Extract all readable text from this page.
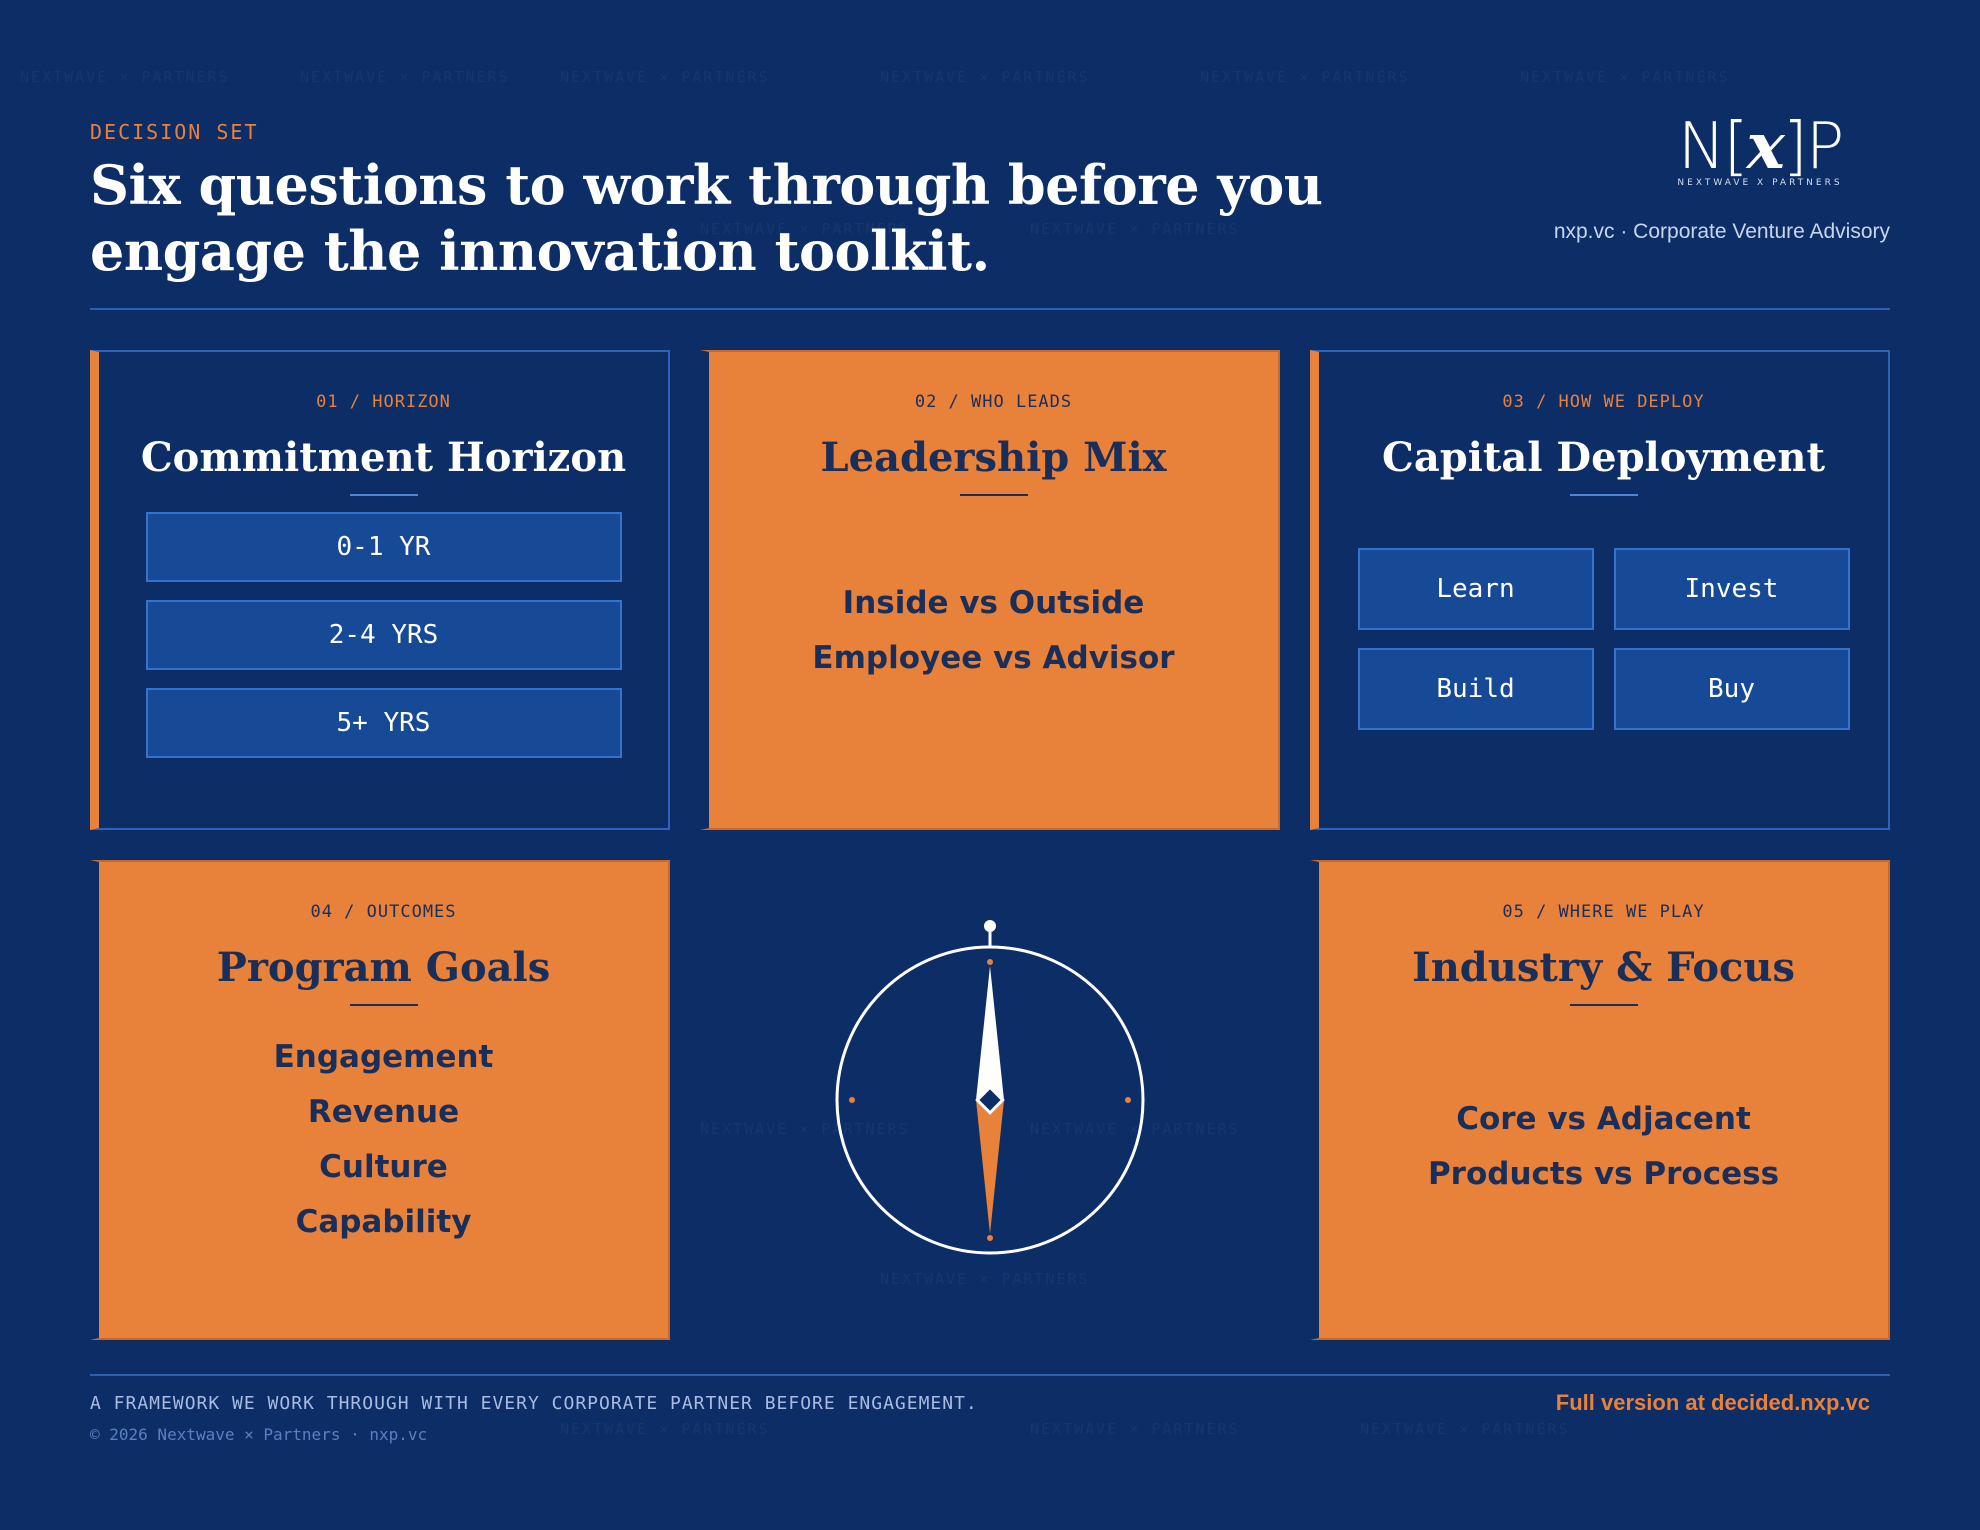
DECISION SET
Six questions to work through before you engage the innovation toolkit.
N[x]P
NEXTWAVE X PARTNERS
nxp.vc · Corporate Venture Advisory
01 / HORIZON
Commitment Horizon
0-1 YR
2-4 YRS
5+ YRS
02 / WHO LEADS
Leadership Mix
Inside vs Outside
Employee vs Advisor
03 / HOW WE DEPLOY
Capital Deployment
Learn	Invest
Build	Buy
04 / OUTCOMES
Program Goals
Engagement
Revenue
Culture
Capability
05 / WHERE WE PLAY
Industry & Focus
Core vs Adjacent
Products vs Process
A FRAMEWORK WE WORK THROUGH WITH EVERY CORPORATE PARTNER BEFORE ENGAGEMENT.
© 2026 Nextwave × Partners · nxp.vc
Full version at decided.nxp.vc
